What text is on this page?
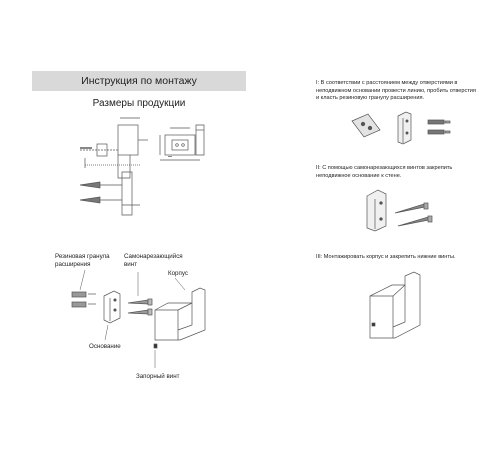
Инструкция по монтажу
Размеры продукции
Резиновая гранула расширения
Самонарезающийся винт
Корпус
Основание
Запорный винт
I: В соответствии с расстоянием между отверстиями в неподвижном основании провести линию, пробить отверстия и класть резиновую гранулу расширения.
II: С помощью самонарезающихся винтов закрепить неподвижное основание к стене.
III: Монтажировать корпус и закрепить нижние винты.
